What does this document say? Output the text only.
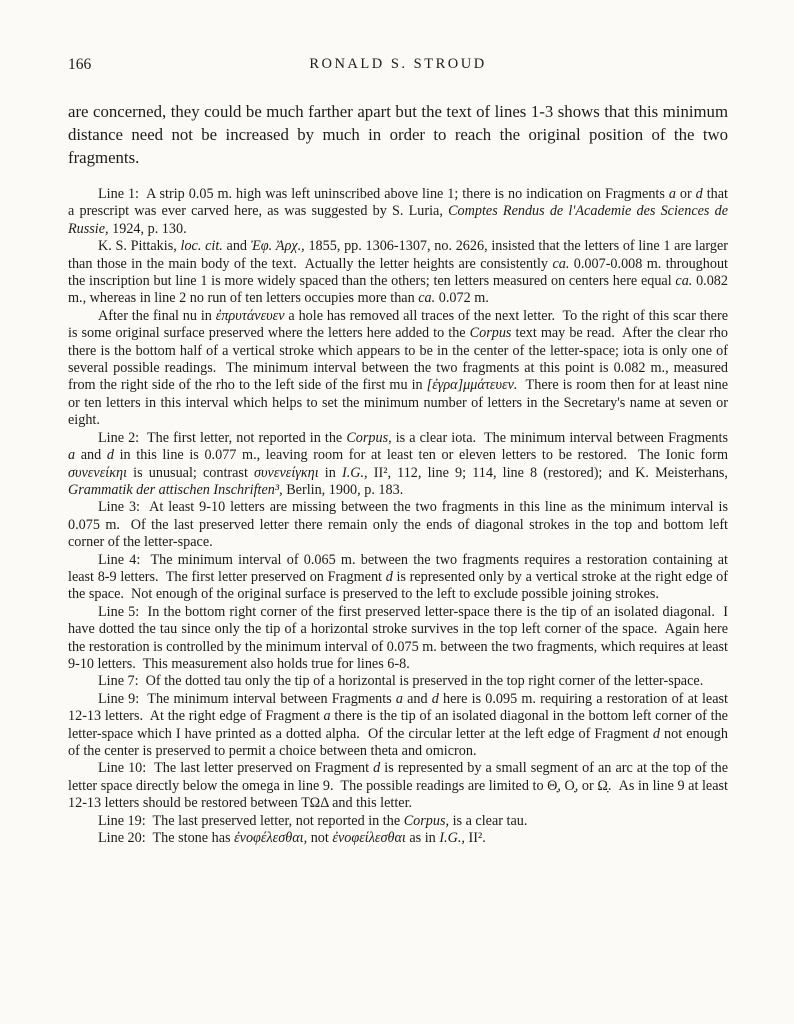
166	RONALD S. STROUD

are concerned, they could be much farther apart but the text of lines 1-3 shows that this minimum distance need not be increased by much in order to reach the original position of the two fragments.

Line 1:  A strip 0.05 m. high was left uninscribed above line 1; there is no indication on Fragments a or d that a prescript was ever carved here, as was suggested by S. Luria, Comptes Rendus de l'Academie des Sciences de Russie, 1924, p. 130.

K. S. Pittakis, loc. cit. and Ἐφ. Ἀρχ., 1855, pp. 1306-1307, no. 2626, insisted that the letters of line 1 are larger than those in the main body of the text.  Actually the letter heights are consistently ca. 0.007-0.008 m. throughout the inscription but line 1 is more widely spaced than the others; ten letters measured on centers here equal ca. 0.082 m., whereas in line 2 no run of ten letters occupies more than ca. 0.072 m.

After the final nu in ἐπρυτάνευεν a hole has removed all traces of the next letter.  To the right of this scar there is some original surface preserved where the letters here added to the Corpus text may be read.  After the clear rho there is the bottom half of a vertical stroke which appears to be in the center of the letter-space; iota is only one of several possible readings.  The minimum interval between the two fragments at this point is 0.082 m., measured from the right side of the rho to the left side of the first mu in [ἐγρα]μμάτευεν.  There is room then for at least nine or ten letters in this interval which helps to set the minimum number of letters in the Secretary's name at seven or eight.

Line 2:  The first letter, not reported in the Corpus, is a clear iota.  The minimum interval between Fragments a and d in this line is 0.077 m., leaving room for at least ten or eleven letters to be restored.  The Ionic form συνενείκηι is unusual; contrast συνενείγκηι in I.G., II², 112, line 9; 114, line 8 (restored); and K. Meisterhans, Grammatik der attischen Inschriften³, Berlin, 1900, p. 183.

Line 3:  At least 9-10 letters are missing between the two fragments in this line as the minimum interval is 0.075 m.  Of the last preserved letter there remain only the ends of diagonal strokes in the top and bottom left corner of the letter-space.

Line 4:  The minimum interval of 0.065 m. between the two fragments requires a restoration containing at least 8-9 letters.  The first letter preserved on Fragment d is represented only by a vertical stroke at the right edge of the space.  Not enough of the original surface is preserved to the left to exclude possible joining strokes.

Line 5:  In the bottom right corner of the first preserved letter-space there is the tip of an isolated diagonal.  I have dotted the tau since only the tip of a horizontal stroke survives in the top left corner of the space.  Again here the restoration is controlled by the minimum interval of 0.075 m. between the two fragments, which requires at least 9-10 letters.  This measurement also holds true for lines 6-8.

Line 7:  Of the dotted tau only the tip of a horizontal is preserved in the top right corner of the letter-space.

Line 9:  The minimum interval between Fragments a and d here is 0.095 m. requiring a restoration of at least 12-13 letters.  At the right edge of Fragment a there is the tip of an isolated diagonal in the bottom left corner of the letter-space which I have printed as a dotted alpha.  Of the circular letter at the left edge of Fragment d not enough of the center is preserved to permit a choice between theta and omicron.

Line 10:  The last letter preserved on Fragment d is represented by a small segment of an arc at the top of the letter space directly below the omega in line 9.  The possible readings are limited to Θ̣, Ο̣, or Ω̣.  As in line 9 at least 12-13 letters should be restored between ΤΩΔ and this letter.

Line 19:  The last preserved letter, not reported in the Corpus, is a clear tau.

Line 20:  The stone has ἐνοφέλεσθαι, not ἐνοφείλεσθαι as in I.G., II².
